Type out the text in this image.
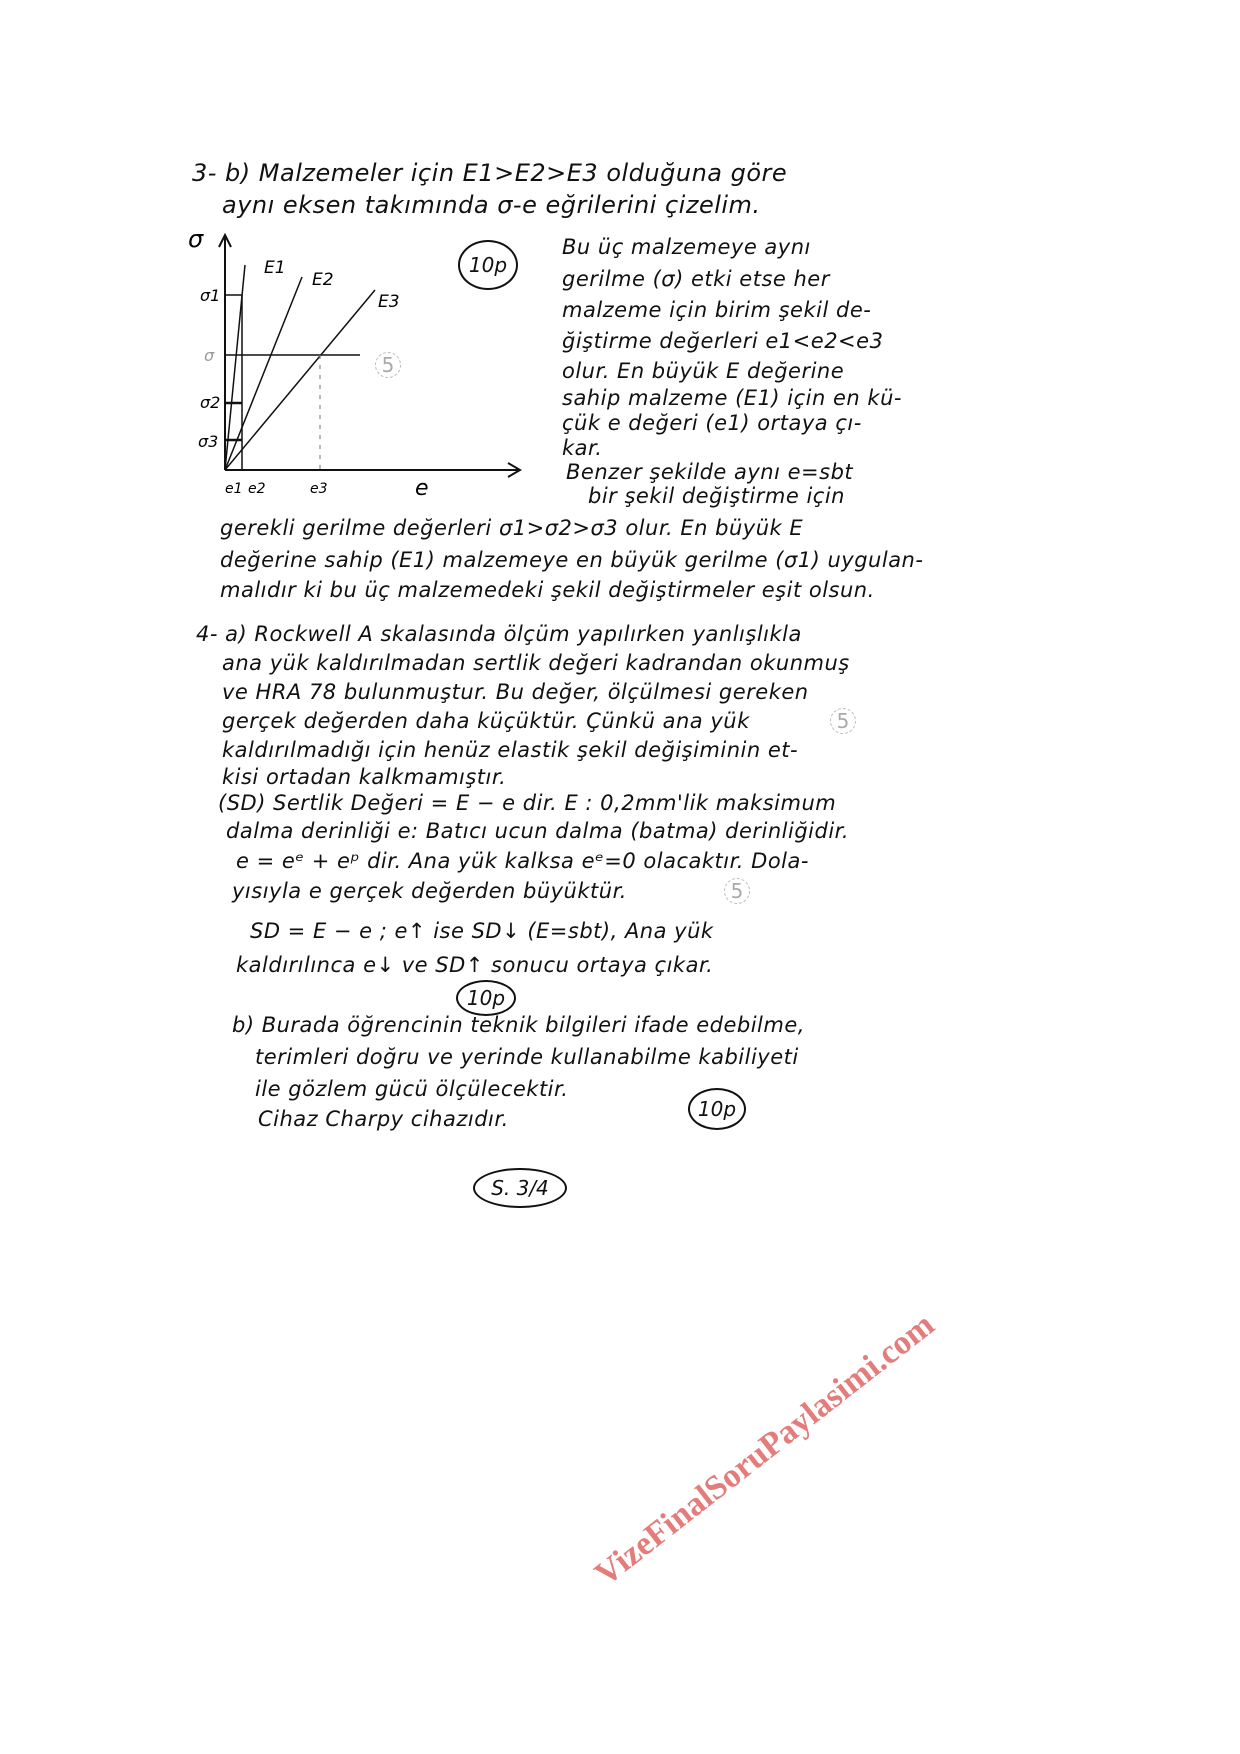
VizeFinalSoruPaylasimi.com
3- b) Malzemeler için E1>E2>E3 olduğuna göre
aynı eksen takımında σ-e eğrilerini çizelim.
10p
σ
e
E1
E2
E3
σ1
σ
σ2
σ3
e1 e2	e3
5
Bu üç malzemeye aynı
gerilme (σ) etki etse her
malzeme için birim şekil de-
ğiştirme değerleri e1<e2<e3
olur. En büyük E değerine
sahip malzeme (E1) için en kü-
çük e değeri (e1) ortaya çı-
kar.
Benzer şekilde aynı e=sbt
bir şekil değiştirme için
gerekli gerilme değerleri σ1>σ2>σ3 olur. En büyük E
değerine sahip (E1) malzemeye en büyük gerilme (σ1) uygulan-
malıdır ki bu üç malzemedeki şekil değiştirmeler eşit olsun.
4- a) Rockwell A skalasında ölçüm yapılırken yanlışlıkla
ana yük kaldırılmadan sertlik değeri kadrandan okunmuş
ve HRA 78 bulunmuştur. Bu değer, ölçülmesi gereken
gerçek değerden daha küçüktür. Çünkü ana yük
kaldırılmadığı için henüz elastik şekil değişiminin et-
kisi ortadan kalkmamıştır.
(SD) Sertlik Değeri = E − e dir. E : 0,2mm'lik maksimum
dalma derinliği e: Batıcı ucun dalma (batma) derinliğidir.
e = eᵉ + eᵖ dir. Ana yük kalksa eᵉ=0 olacaktır. Dola-
yısıyla e gerçek değerden büyüktür.	5
5
SD = E − e ; e↑ ise SD↓ (E=sbt), Ana yük
kaldırılınca e↓ ve SD↑ sonucu ortaya çıkar.
10p
b) Burada öğrencinin teknik bilgileri ifade edebilme,
terimleri doğru ve yerinde kullanabilme kabiliyeti
ile gözlem gücü ölçülecektir.
Cihaz Charpy cihazıdır.	10p
S. 3/4
